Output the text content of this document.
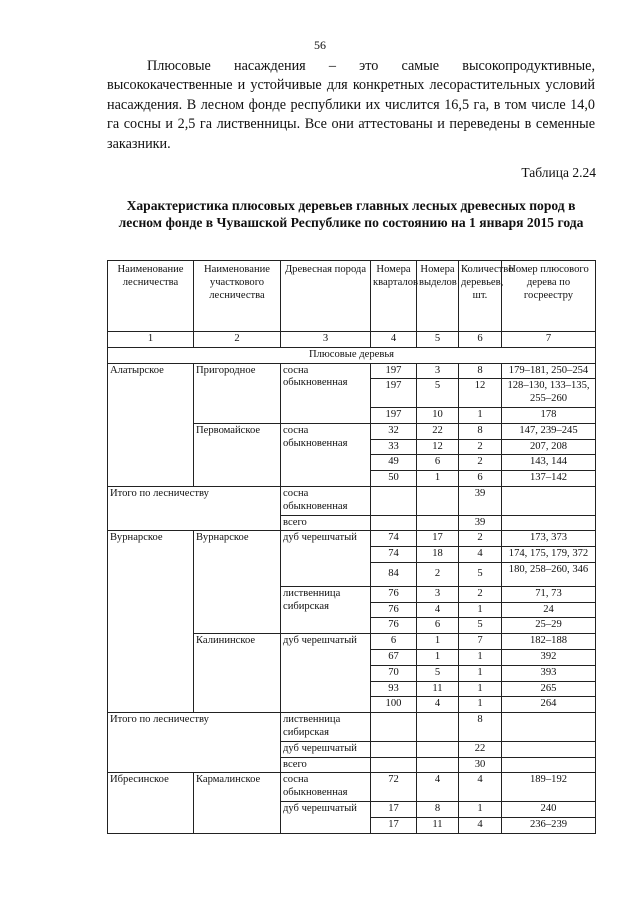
56

Плюсовые насаждения – это самые высокопродуктивные, высококачественные и устойчивые для конкретных лесорастительных условий насаждения. В лесном фонде республики их числится 16,5 га, в том числе 14,0 га сосны и 2,5 га лиственницы. Все они аттестованы и переведены в семенные заказники.

Таблица 2.24

Характеристика плюсовых деревьев главных лесных древесных пород в лесном фонде в Чувашской Республике по состоянию на 1 января 2015 года

Наименование лесничества	Наименование участкового лесничества	Древесная порода	Номера кварталов	Номера выделов	Количество деревьев, шт.	Номер плюсового дерева по госреестру
1	2	3	4	5	6	7
Плюсовые деревья						
Алатырское	Пригородное	сосна обыкновенная	197	3	8	179–181, 250–254
			197	5	12	128–130, 133–135, 255–260
			197	10	1	178
	Первомайское	сосна обыкновенная	32	22	8	147, 239–245
			33	12	2	207, 208
			49	6	2	143, 144
			50	1	6	137–142
Итого по лесничеству		сосна обыкновенная			39	
		всего			39	
Вурнарское	Вурнарское	дуб черешчатый	74	17	2	173, 373
			74	18	4	174, 175, 179, 372
			84	2	5	180, 258–260, 346
		лиственница сибирская	76	3	2	71, 73
			76	4	1	24
			76	6	5	25–29
	Калининское	дуб черешчатый	6	1	7	182–188
			67	1	1	392
			70	5	1	393
			93	11	1	265
			100	4	1	264
Итого по лесничеству		лиственница сибирская			8	
		дуб черешчатый			22	
		всего			30	
Ибресинское	Кармалинское	сосна обыкновенная	72	4	4	189–192
		дуб черешчатый	17	8	1	240
			17	11	4	236–239
